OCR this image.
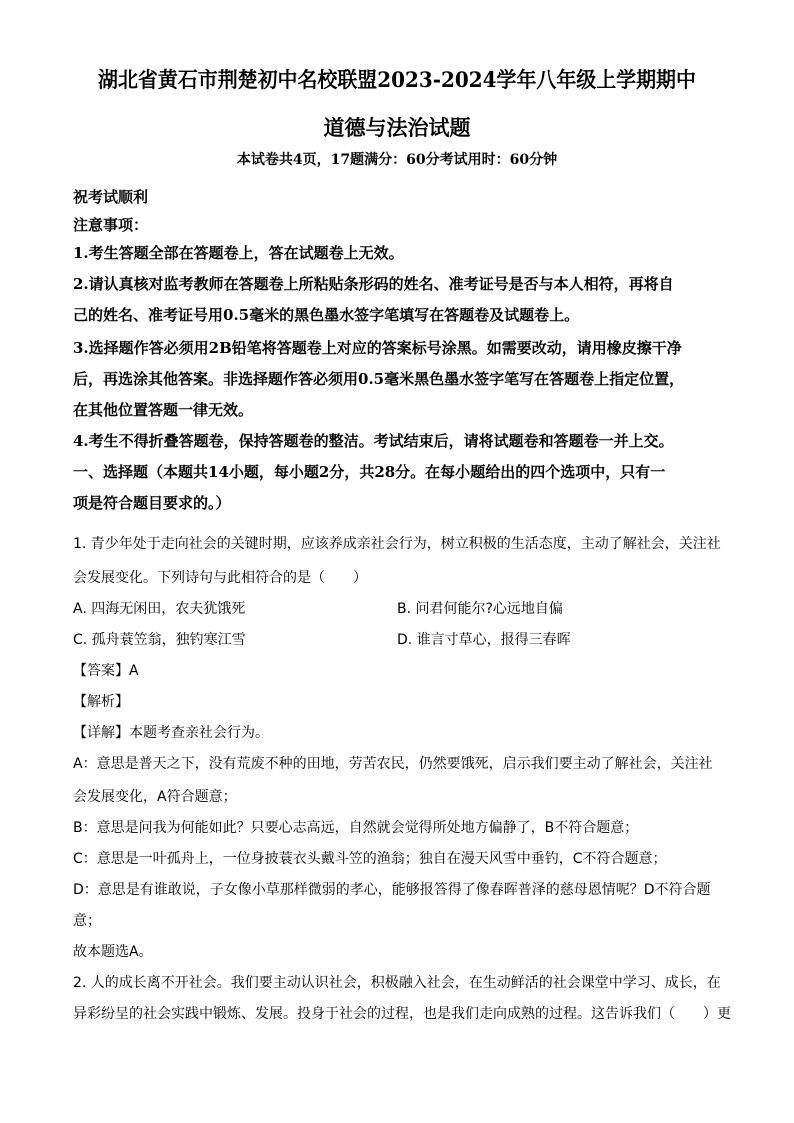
湖北省黄石市荆楚初中名校联盟2023-2024学年八年级上学期期中
道德与法治试题
本试卷共4页，17题满分：60分考试用时：60分钟
祝考试顺利
注意事项：
1.考生答题全部在答题卷上，答在试题卷上无效。
2.请认真核对监考教师在答题卷上所粘贴条形码的姓名、准考证号是否与本人相符，再将自
己的姓名、准考证号用0.5毫米的黑色墨水签字笔填写在答题卷及试题卷上。
3.选择题作答必须用2B铅笔将答题卷上对应的答案标号涂黑。如需要改动，请用橡皮擦干净
后，再选涂其他答案。非选择题作答必须用0.5毫米黑色墨水签字笔写在答题卷上指定位置，
在其他位置答题一律无效。
4.考生不得折叠答题卷，保持答题卷的整洁。考试结束后，请将试题卷和答题卷一并上交。
一、选择题（本题共14小题，每小题2分，共28分。在每小题给出的四个选项中，只有一
项是符合题目要求的。）
1. 青少年处于走向社会的关键时期，应该养成亲社会行为，树立积极的生活态度，主动了解社会，关注社
会发展变化。下列诗句与此相符合的是（　　）
A. 四海无闲田，农夫犹饿死	B. 问君何能尔?心远地自偏
C. 孤舟蓑笠翁，独钓寒江雪	D. 谁言寸草心，报得三春晖
【答案】A
【解析】
【详解】本题考查亲社会行为。
A：意思是普天之下，没有荒废不种的田地，劳苦农民，仍然要饿死，启示我们要主动了解社会，关注社
会发展变化，A符合题意；
B：意思是问我为何能如此？只要心志高远，自然就会觉得所处地方偏静了，B不符合题意；
C：意思是一叶孤舟上，一位身披蓑衣头戴斗笠的渔翁；独自在漫天风雪中垂钓，C不符合题意；
D：意思是有谁敢说，子女像小草那样微弱的孝心，能够报答得了像春晖普泽的慈母恩情呢？D不符合题
意；
故本题选A。
2. 人的成长离不开社会。我们要主动认识社会，积极融入社会，在生动鲜活的社会课堂中学习、成长，在
异彩纷呈的社会实践中锻炼、发展。投身于社会的过程，也是我们走向成熟的过程。这告诉我们（　　）更
